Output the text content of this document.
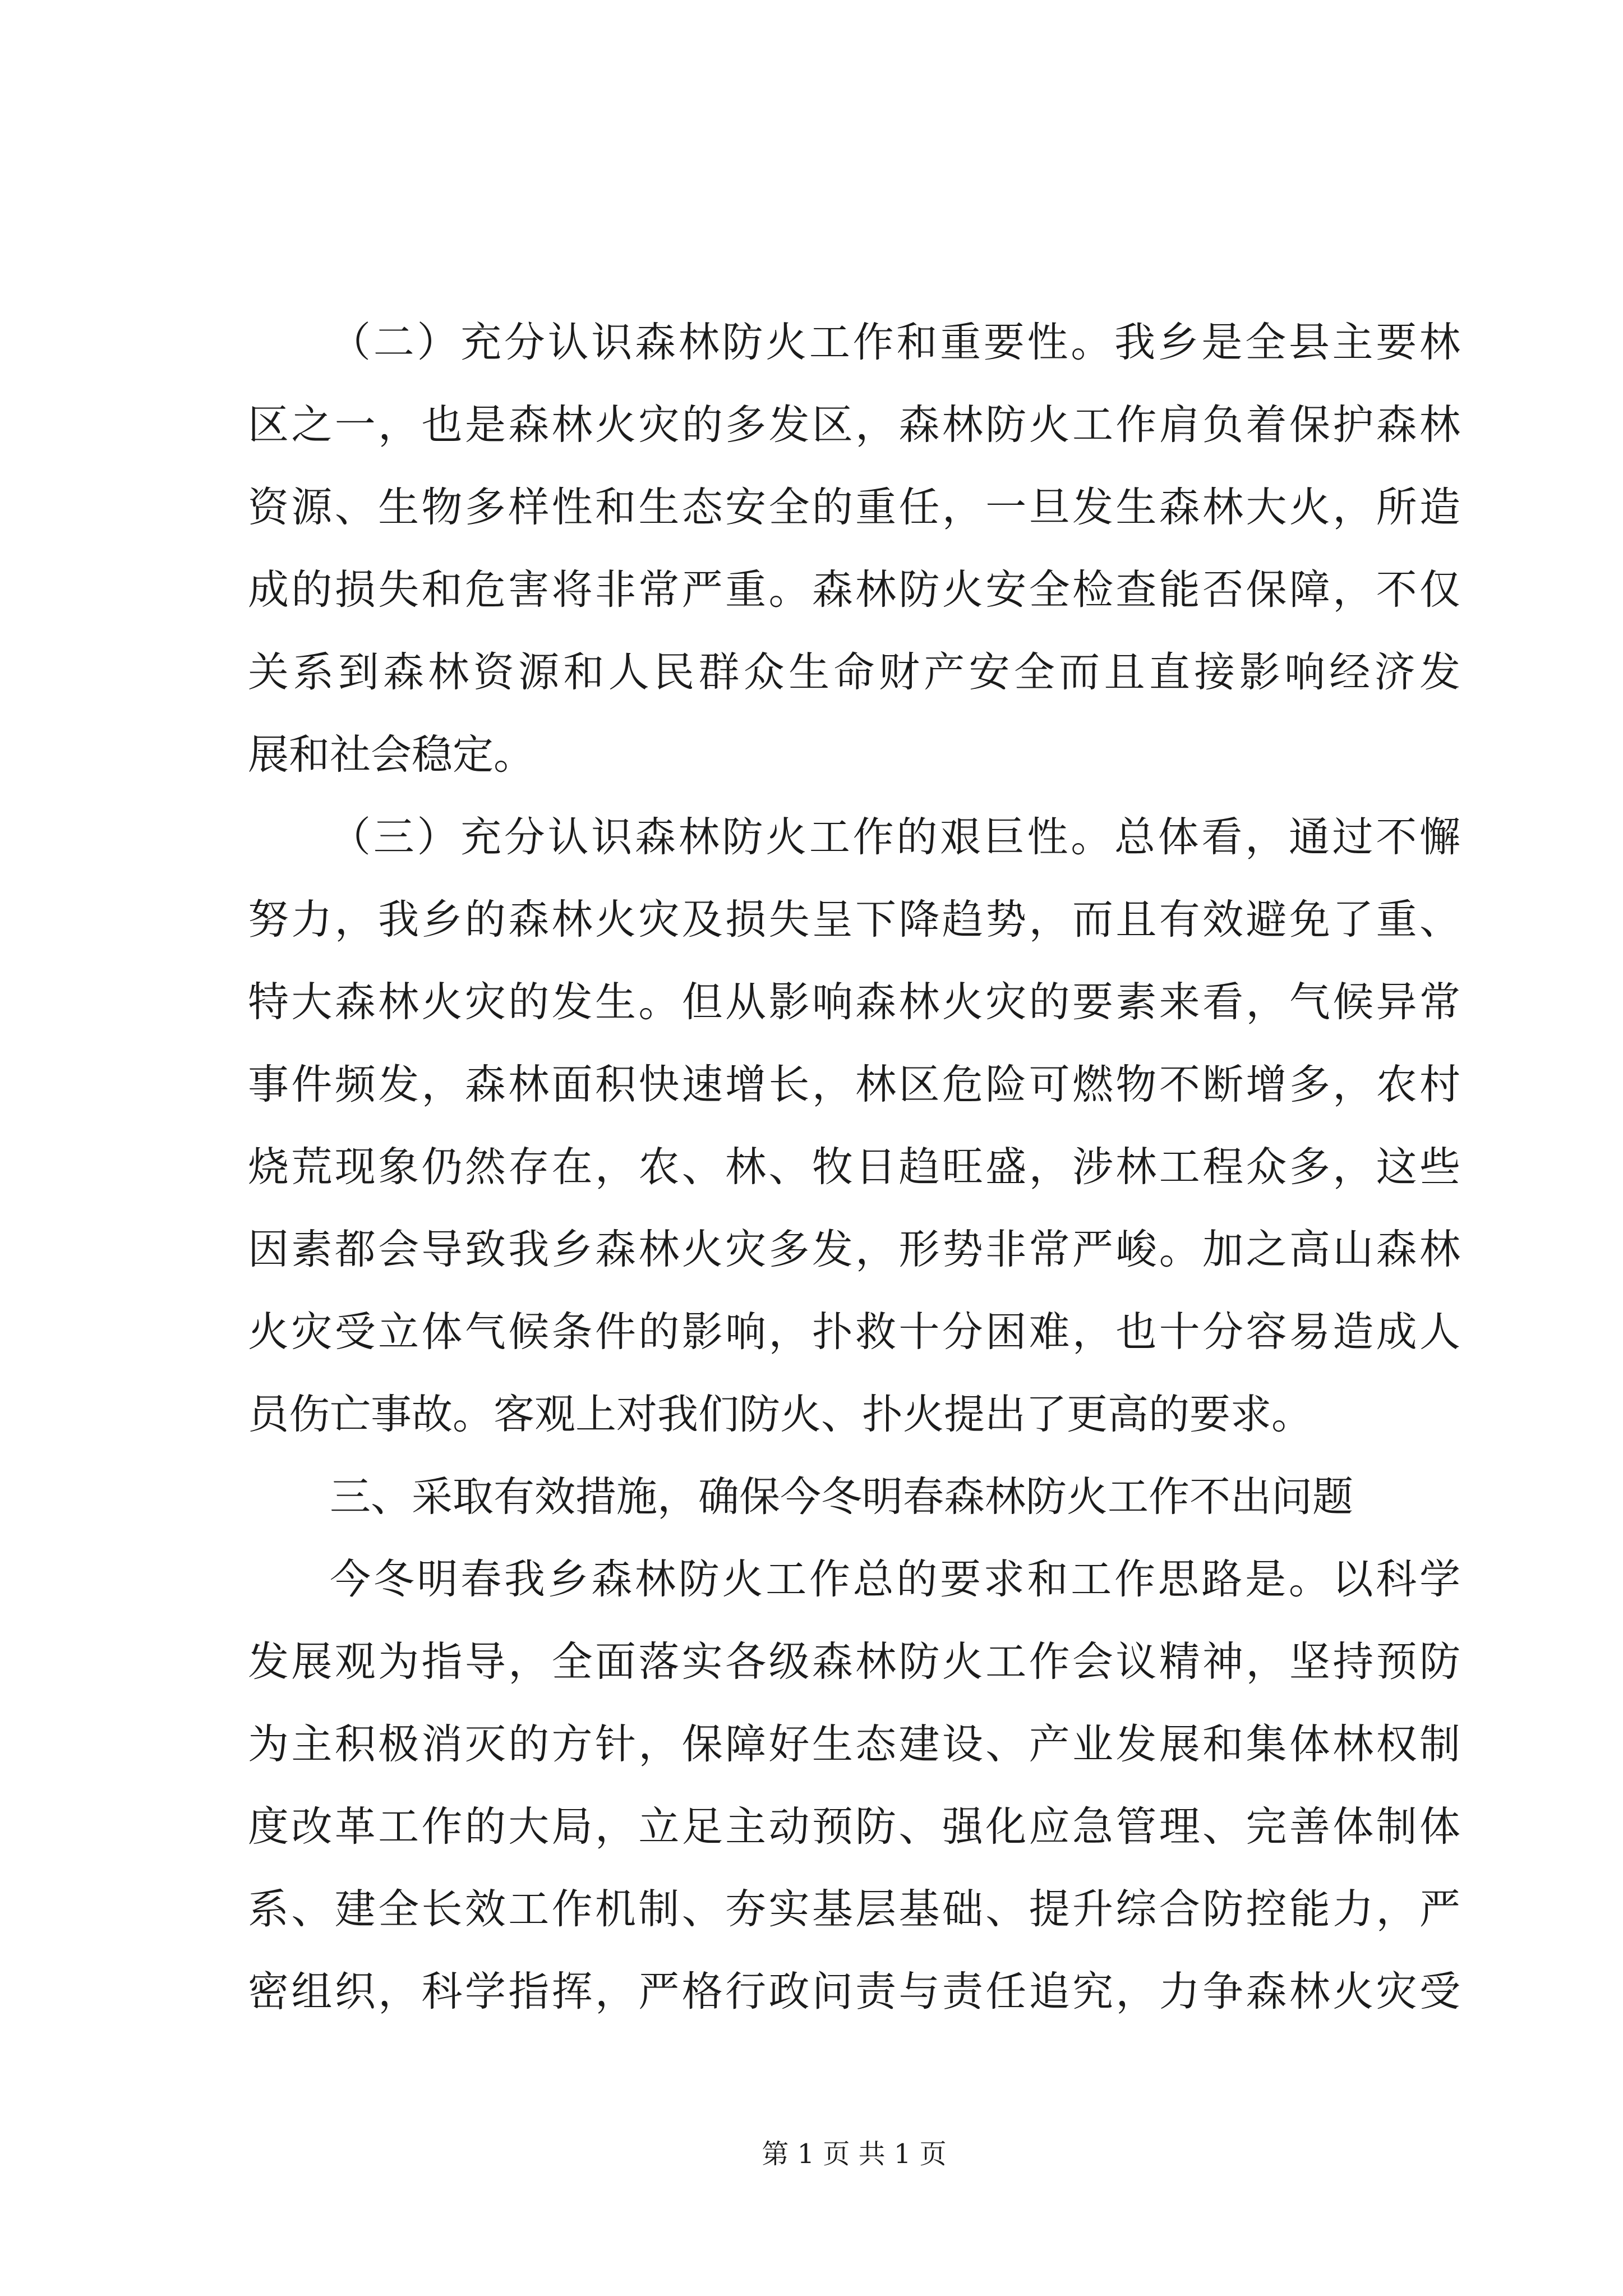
（二）充分认识森林防火工作和重要性。我乡是全县主要林
区之一，也是森林火灾的多发区，森林防火工作肩负着保护森林
资源、生物多样性和生态安全的重任，一旦发生森林大火，所造
成的损失和危害将非常严重。森林防火安全检查能否保障，不仅
关系到森林资源和人民群众生命财产安全而且直接影响经济发
展和社会稳定。
（三）充分认识森林防火工作的艰巨性。总体看，通过不懈
努力，我乡的森林火灾及损失呈下降趋势，而且有效避免了重、
特大森林火灾的发生。但从影响森林火灾的要素来看，气候异常
事件频发，森林面积快速增长，林区危险可燃物不断增多，农村
烧荒现象仍然存在，农、林、牧日趋旺盛，涉林工程众多，这些
因素都会导致我乡森林火灾多发，形势非常严峻。加之高山森林
火灾受立体气候条件的影响，扑救十分困难，也十分容易造成人
员伤亡事故。客观上对我们防火、扑火提出了更高的要求。
三、采取有效措施，确保今冬明春森林防火工作不出问题
今冬明春我乡森林防火工作总的要求和工作思路是。以科学
发展观为指导，全面落实各级森林防火工作会议精神，坚持预防
为主积极消灭的方针，保障好生态建设、产业发展和集体林权制
度改革工作的大局，立足主动预防、强化应急管理、完善体制体
系、建全长效工作机制、夯实基层基础、提升综合防控能力，严
密组织，科学指挥，严格行政问责与责任追究，力争森林火灾受
第 1 页 共 1 页
